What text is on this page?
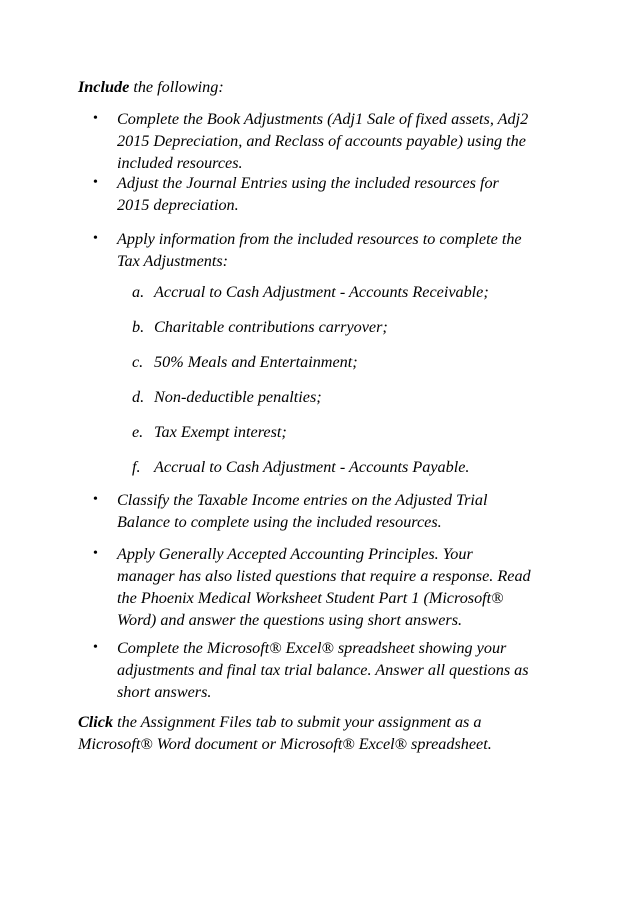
Include the following:
• Complete the Book Adjustments (Adj1 Sale of fixed assets, Adj2
2015 Depreciation, and Reclass of accounts payable) using the
included resources.
• Adjust the Journal Entries using the included resources for
2015 depreciation.
• Apply information from the included resources to complete the
Tax Adjustments:
a. Accrual to Cash Adjustment - Accounts Receivable;
b. Charitable contributions carryover;
c. 50% Meals and Entertainment;
d. Non-deductible penalties;
e. Tax Exempt interest;
f. Accrual to Cash Adjustment - Accounts Payable.
• Classify the Taxable Income entries on the Adjusted Trial
Balance to complete using the included resources.
• Apply Generally Accepted Accounting Principles. Your
manager has also listed questions that require a response. Read
the Phoenix Medical Worksheet Student Part 1 (Microsoft®
Word) and answer the questions using short answers.
• Complete the Microsoft® Excel® spreadsheet showing your
adjustments and final tax trial balance. Answer all questions as
short answers.
Click the Assignment Files tab to submit your assignment as a
Microsoft® Word document or Microsoft® Excel® spreadsheet.
